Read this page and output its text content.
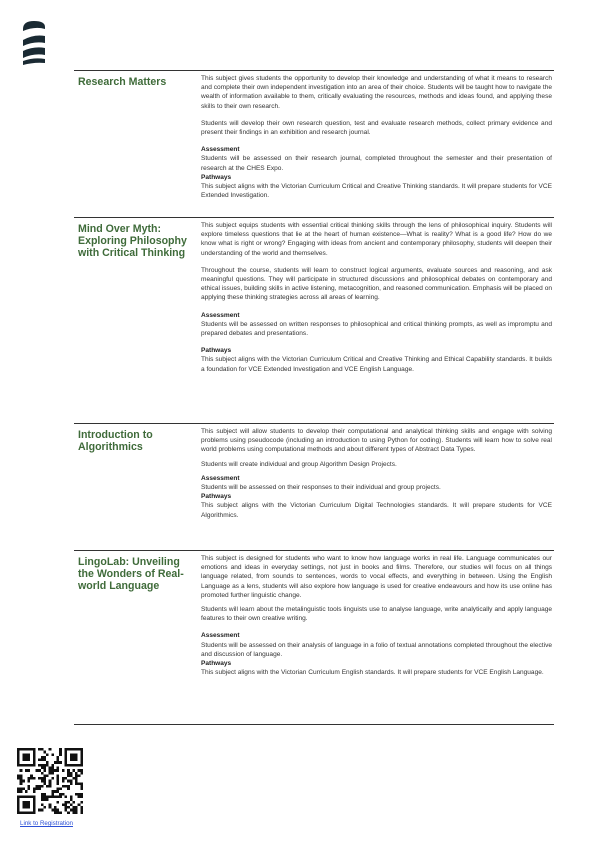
Research Matters	This subject gives students the opportunity to develop their knowledge and understanding of what it means to research and complete their own independent investigation into an area of their choice. Students will be taught how to navigate the wealth of information available to them, critically evaluating the resources, methods and ideas found, and applying these skills to their own research.

Students will develop their own research question, test and evaluate research methods, collect primary evidence and present their findings in an exhibition and research journal.

Assessment

Students will be assessed on their research journal, completed throughout the semester and their presentation of research at the CHES Expo.

Pathways

This subject aligns with the Victorian Curriculum Critical and Creative Thinking standards. It will prepare students for VCE Extended Investigation.

Mind Over Myth: Exploring Philosophy with Critical Thinking

This subject equips students with essential critical thinking skills through the lens of philosophical inquiry. Students will explore timeless questions that lie at the heart of human existence—What is reality? What is a good life? How do we know what is right or wrong? Engaging with ideas from ancient and contemporary philosophy, students will deepen their understanding of the world and themselves.

Throughout the course, students will learn to construct logical arguments, evaluate sources and reasoning, and ask meaningful questions. They will participate in structured discussions and philosophical debates on contemporary and ethical issues, building skills in active listening, metacognition, and reasoned communication. Emphasis will be placed on applying these thinking strategies across all areas of learning.

Assessment

Students will be assessed on written responses to philosophical and critical thinking prompts, as well as impromptu and prepared debates and presentations.

Pathways

This subject aligns with the Victorian Curriculum Critical and Creative Thinking and Ethical Capability standards. It builds a foundation for VCE Extended Investigation and VCE English Language.

Introduction to Algorithmics

This subject will allow students to develop their computational and analytical thinking skills and engage with solving problems using pseudocode (including an introduction to using Python for coding). Students will learn how to solve real world problems using computational methods and about different types of Abstract Data Types.

Students will create individual and group Algorithm Design Projects.

Assessment

Students will be assessed on their responses to their individual and group projects.

Pathways

This subject aligns with the Victorian Curriculum Digital Technologies standards. It will prepare students for VCE Algorithmics.

LingoLab: Unveiling the Wonders of Real-world Language

This subject is designed for students who want to know how language works in real life. Language communicates our emotions and ideas in everyday settings, not just in books and films. Therefore, our studies will focus on all things language related, from sounds to sentences, words to vocal effects, and everything in between. Using the English Language as a lens, students will also explore how language is used for creative endeavours and how its use online has promoted further linguistic change.

Students will learn about the metalinguistic tools linguists use to analyse language, write analytically and apply language features to their own creative writing.

Assessment

Students will be assessed on their analysis of language in a folio of textual annotations completed throughout the elective and discussion of language.

Pathways

This subject aligns with the Victorian Curriculum English standards. It will prepare students for VCE English Language.

Link to Registration
